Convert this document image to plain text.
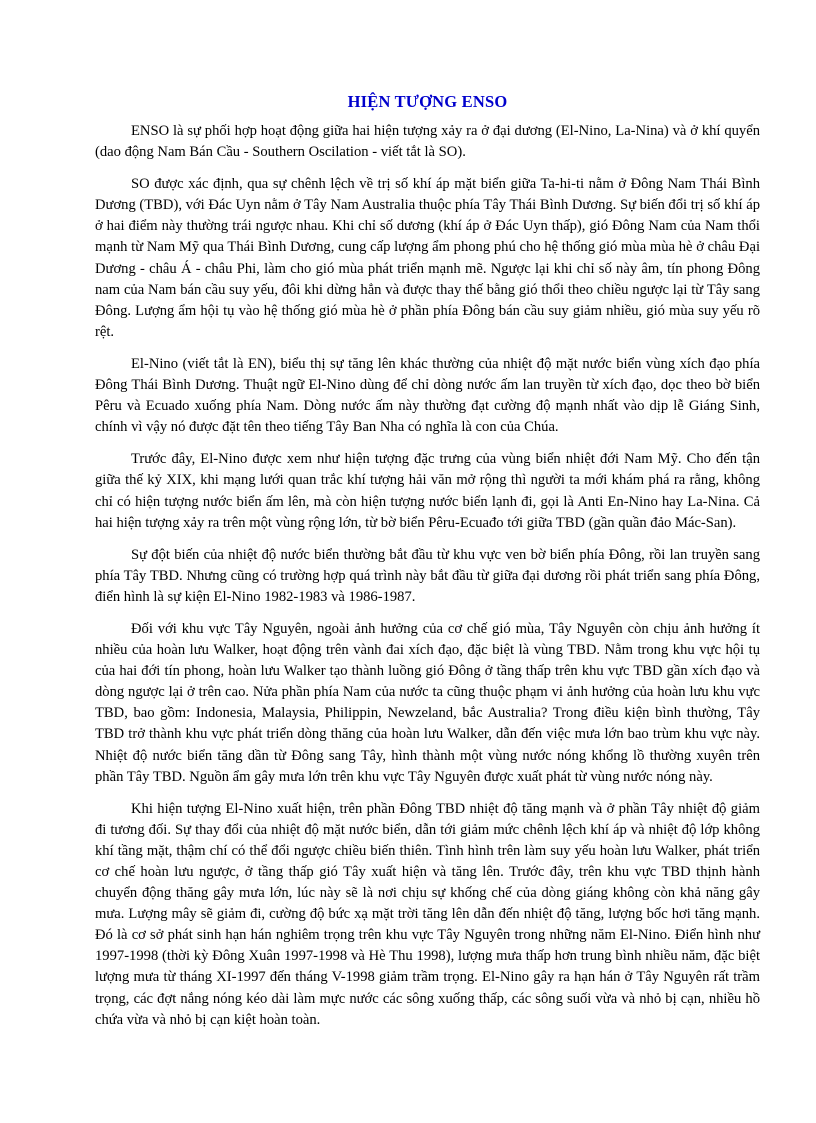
HIỆN TƯỢNG ENSO

ENSO là sự phối hợp hoạt động giữa hai hiện tượng xảy ra ở đại dương (El-Nino, La-Nina) và ở khí quyển (dao động Nam Bán Cầu - Southern Oscilation - viết tắt là SO).

SO được xác định, qua sự chênh lệch về trị số khí áp mặt biển giữa Ta-hi-ti nằm ở Đông Nam Thái Bình Dương (TBD), với Đác Uyn nằm ở Tây Nam Australia thuộc phía Tây Thái Bình Dương. Sự biến đổi trị số khí áp ở hai điểm này thường trái ngược nhau. Khi chỉ số dương (khí áp ở Đác Uyn thấp), gió Đông Nam của Nam thổi mạnh từ Nam Mỹ qua Thái Bình Dương, cung cấp lượng ẩm phong phú cho hệ thống gió mùa mùa hè ở châu Đại Dương - châu Á - châu Phi, làm cho gió mùa phát triển mạnh mẽ. Ngược lại khi chỉ số này âm, tín phong Đông nam của Nam bán cầu suy yếu, đôi khi dừng hẳn và được thay thế bằng gió thổi theo chiều ngược lại từ Tây sang Đông. Lượng ẩm hội tụ vào hệ thống gió mùa hè ở phần phía Đông bán cầu suy giảm nhiều, gió mùa suy yếu rõ rệt.

El-Nino (viết tắt là EN), biểu thị sự tăng lên khác thường của nhiệt độ mặt nước biển vùng xích đạo phía Đông Thái Bình Dương. Thuật ngữ El-Nino dùng để chỉ dòng nước ấm lan truyền từ xích đạo, dọc theo bờ biển Pêru và Ecuado xuống phía Nam. Dòng nước ấm này thường đạt cường độ mạnh nhất vào dịp lễ Giáng Sinh, chính vì vậy nó được đặt tên theo tiếng Tây Ban Nha có nghĩa là con của Chúa.

Trước đây, El-Nino được xem như hiện tượng đặc trưng của vùng biển nhiệt đới Nam Mỹ. Cho đến tận giữa thế kỷ XIX, khi mạng lưới quan trắc khí tượng hải văn mở rộng thì người ta mới khám phá ra rằng, không chỉ có hiện tượng nước biển ấm lên, mà còn hiện tượng nước biển lạnh đi, gọi là Anti En-Nino hay La-Nina. Cả hai hiện tượng xảy ra trên một vùng rộng lớn, từ bờ biển Pêru-Ecuađo tới giữa TBD (gần quần đảo Mác-San).

Sự đột biến của nhiệt độ nước biển thường bắt đầu từ khu vực ven bờ biển phía Đông, rồi lan truyền sang phía Tây TBD. Nhưng cũng có trường hợp quá trình này bắt đầu từ giữa đại dương rồi phát triển sang phía Đông, điển hình là sự kiện El-Nino 1982-1983 và 1986-1987.

Đối với khu vực Tây Nguyên, ngoài ảnh hưởng của cơ chế gió mùa, Tây Nguyên còn chịu ảnh hưởng ít nhiều của hoàn lưu Walker, hoạt động trên vành đai xích đạo, đặc biệt là vùng TBD. Nằm trong khu vực hội tụ của hai đới tín phong, hoàn lưu Walker tạo thành luồng gió Đông ở tầng thấp trên khu vực TBD gần xích đạo và dòng ngược lại ở trên cao. Nửa phần phía Nam của nước ta cũng thuộc phạm vi ảnh hưởng của hoàn lưu khu vực TBD, bao gồm: Indonesia, Malaysia, Philippin, Newzeland, bắc Australia? Trong điều kiện bình thường, Tây TBD trở thành khu vực phát triển dòng thăng của hoàn lưu Walker, dẫn đến việc mưa lớn bao trùm khu vực này. Nhiệt độ nước biển tăng dần từ Đông sang Tây, hình thành một vùng nước nóng khổng lồ thường xuyên trên phần Tây TBD. Nguồn ẩm gây mưa lớn trên khu vực Tây Nguyên được xuất phát từ vùng nước nóng này.

Khi hiện tượng El-Nino xuất hiện, trên phần Đông TBD nhiệt độ tăng mạnh và ở phần Tây nhiệt độ giảm đi tương đối. Sự thay đổi của nhiệt độ mặt nước biển, dẫn tới giảm mức chênh lệch khí áp và nhiệt độ lớp không khí tầng mặt, thậm chí có thể đổi ngược chiều biến thiên. Tình hình trên làm suy yếu hoàn lưu Walker, phát triển cơ chế hoàn lưu ngược, ở tầng thấp gió Tây xuất hiện và tăng lên. Trước đây, trên khu vực TBD thịnh hành chuyển động thăng gây mưa lớn, lúc này sẽ là nơi chịu sự khống chế của dòng giáng không còn khả năng gây mưa. Lượng mây sẽ giảm đi, cường độ bức xạ mặt trời tăng lên dẫn đến nhiệt độ tăng, lượng bốc hơi tăng mạnh. Đó là cơ sở phát sinh hạn hán nghiêm trọng trên khu vực Tây Nguyên trong những năm El-Nino. Điển hình như 1997-1998 (thời kỳ Đông Xuân 1997-1998 và Hè Thu 1998), lượng mưa thấp hơn trung bình nhiều năm, đặc biệt lượng mưa từ tháng XI-1997 đến tháng V-1998 giảm trầm trọng. El-Nino gây ra hạn hán ở Tây Nguyên rất trầm trọng, các đợt nắng nóng kéo dài làm mực nước các sông xuống thấp, các sông suối vừa và nhỏ bị cạn, nhiều hồ chứa vừa và nhỏ bị cạn kiệt hoàn toàn.
